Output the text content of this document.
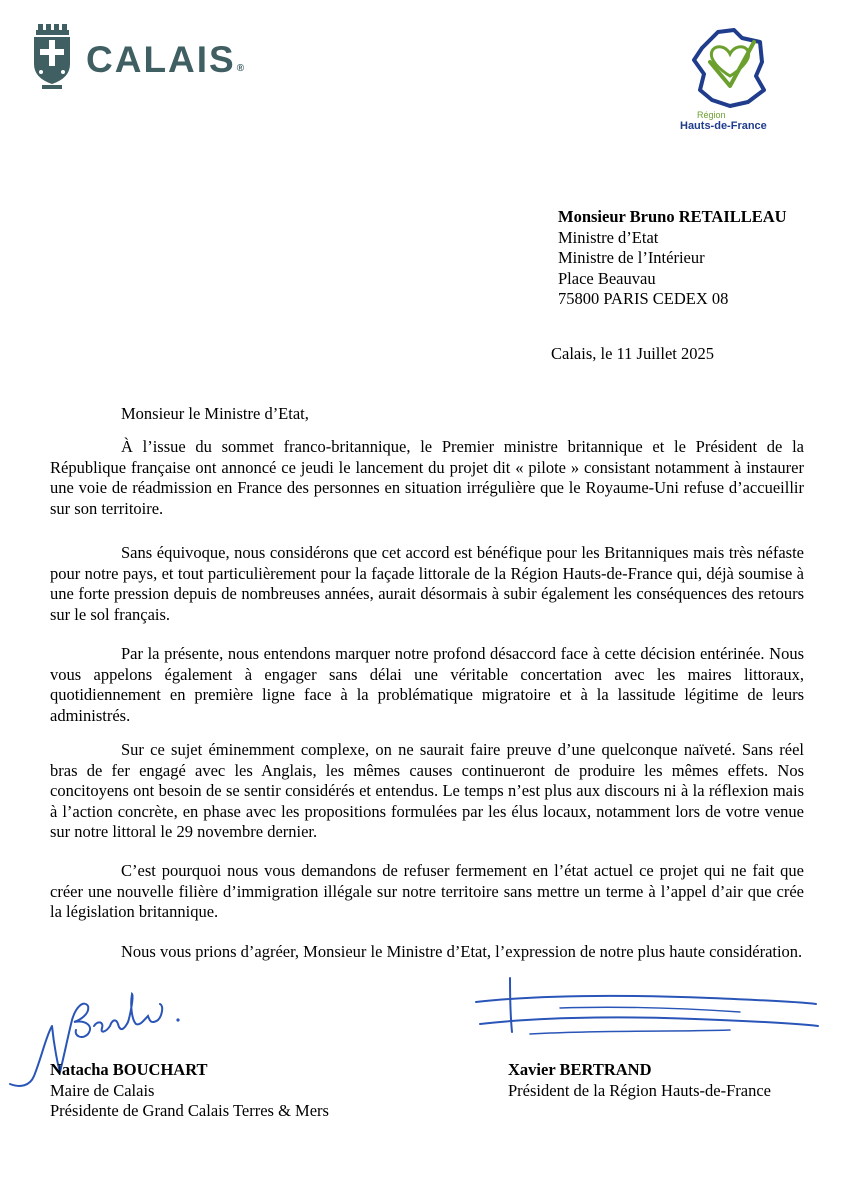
CALAIS®
Région
Hauts-de-France
Monsieur Bruno RETAILLEAU
Ministre d’Etat
Ministre de l’Intérieur
Place Beauvau
75800 PARIS CEDEX 08
Calais, le 11 Juillet 2025
Monsieur le Ministre d’Etat,
À l’issue du sommet franco-britannique, le Premier ministre britannique et le Président de la République française ont annoncé ce jeudi le lancement du projet dit « pilote » consistant notamment à instaurer une voie de réadmission en France des personnes en situation irrégulière que le Royaume-Uni refuse d’accueillir sur son territoire.
Sans équivoque, nous considérons que cet accord est bénéfique pour les Britanniques mais très néfaste pour notre pays, et tout particulièrement pour la façade littorale de la Région Hauts-de-France qui, déjà soumise à une forte pression depuis de nombreuses années, aurait désormais à subir également les conséquences des retours sur le sol français.
Par la présente, nous entendons marquer notre profond désaccord face à cette décision entérinée. Nous vous appelons également à engager sans délai une véritable concertation avec les maires littoraux, quotidiennement en première ligne face à la problématique migratoire et à la lassitude légitime de leurs administrés.
Sur ce sujet éminemment complexe, on ne saurait faire preuve d’une quelconque naïveté. Sans réel bras de fer engagé avec les Anglais, les mêmes causes continueront de produire les mêmes effets. Nos concitoyens ont besoin de se sentir considérés et entendus. Le temps n’est plus aux discours ni à la réflexion mais à l’action concrète, en phase avec les propositions formulées par les élus locaux, notamment lors de votre venue sur notre littoral le 29 novembre dernier.
C’est pourquoi nous vous demandons de refuser fermement en l’état actuel ce projet qui ne fait que créer une nouvelle filière d’immigration illégale sur notre territoire sans mettre un terme à l’appel d’air que crée la législation britannique.
Nous vous prions d’agréer, Monsieur le Ministre d’Etat, l’expression de notre plus haute considération.
Natacha BOUCHART
Maire de Calais
Présidente de Grand Calais Terres & Mers
Xavier BERTRAND
Président de la Région Hauts-de-France
